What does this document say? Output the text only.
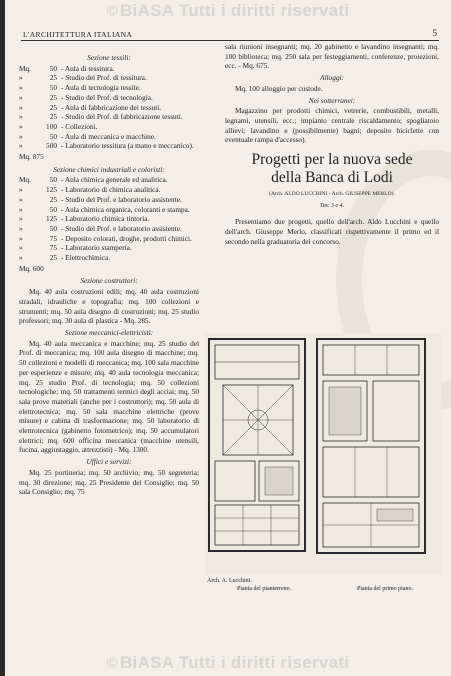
© BiASA Tutti i diritti riservati
L'ARCHITETTURA ITALIANA	5
Sezione tessili:
Mq.	50 - Aula di tessitura.
»	25 - Studio del Prof. di tessitura.
»	50 - Aula di tecnologia tessile.
»	25 - Studio del Prof. di tecnologia.
»	25 - Aula di fabbricazione dei tessuti.
»	25 - Studio del Prof. di fabbricazione tessuti.
»	100 - Collezioni.
»	50 - Aula di meccanica e macchine.
»	500 - Laboratorio tessitura (a mano e meccanico).
Mq. 875
Sezione chimici industriali e coloristi:
Mq.	50 - Aula chimica generale ed analitica.
»	125 - Laboratorio di chimica analitica.
»	25 - Studio del Prof. e laboratorio assistente.
»	50 - Aula chimica organica, coloranti e stampa.
»	125 - Laboratorio chimica tintoria.
»	50 - Studio del Prof. e laboratorio assistente.
»	75 - Deposito colorati, droghe, prodotti chimici.
»	75 - Laboratorio stamperia.
»	25 - Elettrochimica.
Mq. 600
Sezione costruttori:

Mq. 40 aula costruzioni edili; mq. 40 aula costruzioni stradali, idrauliche e topografia; mq. 100 collezioni e strumenti; mq. 50 aula disegno di costruzioni; mq. 25 studio professori; mq. 30 aula di plastica - Mq. 285.

Sezione meccanici-elettricisti:

Mq. 40 aula meccanica e macchine; mq. 25 studio del Prof. di meccanica; mq. 100 aula disegno di macchine; mq. 50 collezioni e modelli di meccanica; mq. 100 sala macchine per esperienze e misure; mq. 40 aula tecnologia meccanica; mq. 25 studio Prof. di tecnologia; mq. 50 collezioni tecnologiche; mq. 50 trattamenti termici degli acciai; mq. 50 sala prove materiali (anche per i costruttori); mq. 50 aula di elettrotecnica; mq. 50 sala macchine elettriche (prove misure) e cabina di trasformazione; mq. 50 laboratorio di elettrotecnica (gabinetto fotometrico); mq. 50 accumulatori elettrici; mq. 600 officina meccanica (macchine utensili, fucina, aggiustaggio, attrezzisti) - Mq. 1300.

Uffici e servizi:

Mq. 25 portineria; mq. 50 archivio; mq. 50 segreteria; mq. 30 direzione; mq. 25 Presidente del Consiglio; mq. 50 sala Consiglio; mq. 75

sala riunioni insegnanti; mq. 20 gabinetto e lavandino insegnanti; mq. 100 biblioteca; mq. 250 sala per festeggiamenti, conferenze, proiezioni, ecc. - Mq. 675.

Alloggi:

Mq. 100 alloggio per custode.

Nei sotterranei:

Magazzino per prodotti chimici, vetrerie, combustibili, metalli, legnami, utensili, ecc.; impianto centrale riscaldamento; spogliatoio allievi; lavandino e (possibilmente) bagni; deposito biciclette con eventuale rampa d'accesso).

Progetti per la nuova sede
della Banca di Lodi
(Arch. ALDO LUCCHINI - Arch. GIUSEPPE MERLO).
Tav. 3 e 4.

Presentiamo due progetti, quello dell'arch. Aldo Lucchini e quello dell'arch. Giuseppe Merlo, classificati rispettivamente il primo ed il secondo nella graduatoria del concorso.

Arch. A. Lucchini.
Pianta del pianterreno.	Pianta del primo piano.
© BiASA Tutti i diritti riservati
